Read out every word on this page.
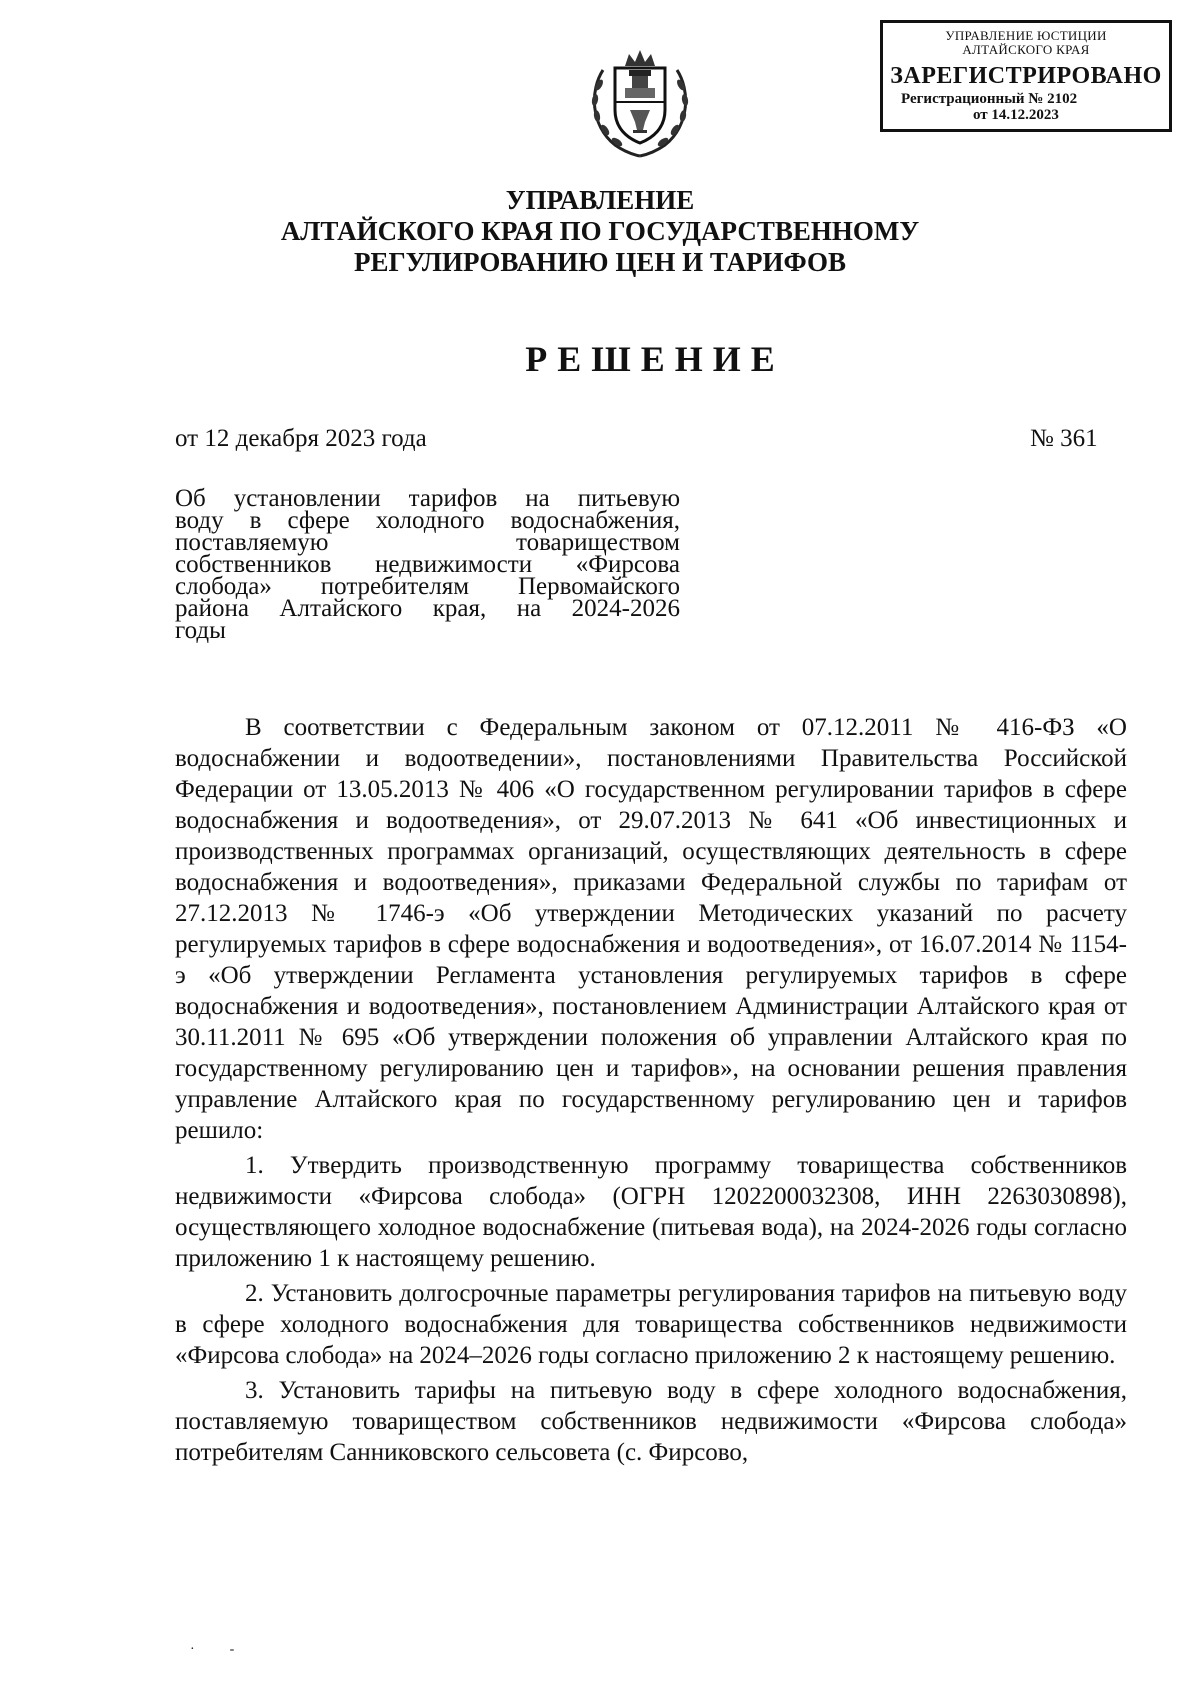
УПРАВЛЕНИЕ ЮСТИЦИИ
АЛТАЙСКОГО КРАЯ
ЗАРЕГИСТРИРОВАНО
Регистрационный № 2102
от 14.12.2023
УПРАВЛЕНИЕ
АЛТАЙСКОГО КРАЯ ПО ГОСУДАРСТВЕННОМУ
РЕГУЛИРОВАНИЮ ЦЕН И ТАРИФОВ
РЕШЕНИЕ
от 12 декабря 2023 года	№ 361
Об установлении тарифов на питьевую
воду в сфере холодного водоснабжения,
поставляемую товариществом
собственников недвижимости «Фирсова
слобода» потребителям Первомайского
района Алтайского края, на 2024-2026
годы

В соответствии с Федеральным законом от 07.12.2011 № 416-ФЗ «О водоснабжении и водоотведении», постановлениями Правительства Российской Федерации от 13.05.2013 № 406 «О государственном регулировании тарифов в сфере водоснабжения и водоотведения», от 29.07.2013 № 641 «Об инвестиционных и производственных программах организаций, осуществляющих деятельность в сфере водоснабжения и водоотведения», приказами Федеральной службы по тарифам от 27.12.2013 № 1746-э «Об утверждении Методических указаний по расчету регулируемых тарифов в сфере водоснабжения и водоотведения», от 16.07.2014 № 1154-э «Об утверждении Регламента установления регулируемых тарифов в сфере водоснабжения и водоотведения», постановлением Администрации Алтайского края от 30.11.2011 № 695 «Об утверждении положения об управлении Алтайского края по государственному регулированию цен и тарифов», на основании решения правления управление Алтайского края по государственному регулированию цен и тарифов решило:

1. Утвердить производственную программу товарищества собственников недвижимости «Фирсова слобода» (ОГРН 1202200032308, ИНН 2263030898), осуществляющего холодное водоснабжение (питьевая вода), на 2024-2026 годы согласно приложению 1 к настоящему решению.

2. Установить долгосрочные параметры регулирования тарифов на питьевую воду в сфере холодного водоснабжения для товарищества собственников недвижимости «Фирсова слобода» на 2024–2026 годы согласно приложению 2 к настоящему решению.

3. Установить тарифы на питьевую воду в сфере холодного водоснабжения, поставляемую товариществом собственников недвижимости «Фирсова слобода» потребителям Санниковского сельсовета (с. Фирсово,

·          -
